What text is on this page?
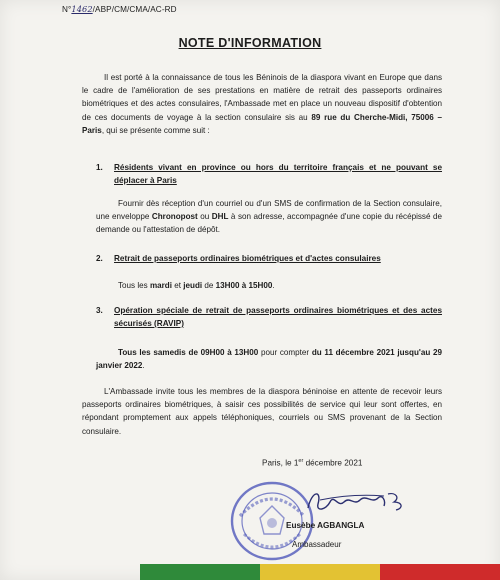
N°1462/ABP/CM/CMA/AC-RD
NOTE D'INFORMATION
Il est porté à la connaissance de tous les Béninois de la diaspora vivant en Europe que dans le cadre de l'amélioration de ses prestations en matière de retrait des passeports ordinaires biométriques et des actes consulaires, l'Ambassade met en place un nouveau dispositif d'obtention de ces documents de voyage à la section consulaire sis au 89 rue du Cherche-Midi, 75006 – Paris, qui se présente comme suit :
1. Résidents vivant en province ou hors du territoire français et ne pouvant se déplacer à Paris
Fournir dès réception d'un courriel ou d'un SMS de confirmation de la Section consulaire, une enveloppe Chronopost ou DHL à son adresse, accompagnée d'une copie du récépissé de demande ou l'attestation de dépôt.
2. Retrait de passeports ordinaires biométriques et d'actes consulaires
Tous les mardi et jeudi de 13H00 à 15H00.
3. Opération spéciale de retrait de passeports ordinaires biométriques et des actes sécurisés (RAVIP)
Tous les samedis de 09H00 à 13H00 pour compter du 11 décembre 2021 jusqu'au 29 janvier 2022.
L'Ambassade invite tous les membres de la diaspora béninoise en attente de recevoir leurs passeports ordinaires biométriques, à saisir ces possibilités de service qui leur sont offertes, en répondant promptement aux appels téléphoniques, courriels ou SMS provenant de la Section consulaire.
Paris, le 1er décembre 2021
Eusèbe AGBANGLA
Ambassadeur
